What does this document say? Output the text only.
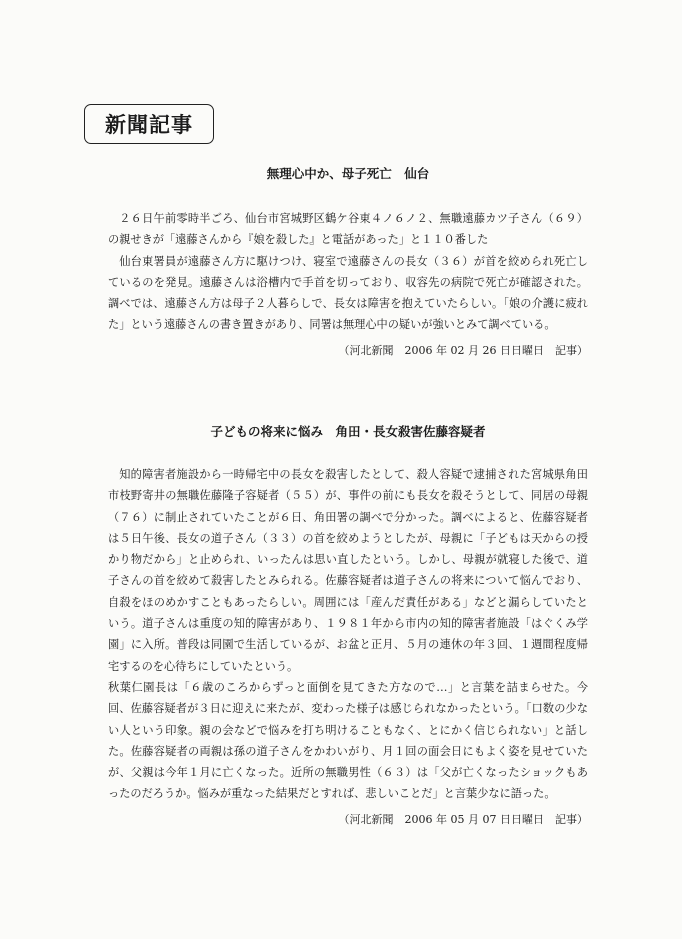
新聞記事
無理心中か、母子死亡　仙台

２６日午前零時半ごろ、仙台市宮城野区鶴ケ谷東４ノ６ノ２、無職遠藤カツ子さん（６９）の親せきが「遠藤さんから『娘を殺した』と電話があった」と１１０番した

仙台東署員が遠藤さん方に駆けつけ、寝室で遠藤さんの長女（３６）が首を絞められ死亡しているのを発見。遠藤さんは浴槽内で手首を切っており、収容先の病院で死亡が確認された。調べでは、遠藤さん方は母子２人暮らしで、長女は障害を抱えていたらしい。「娘の介護に疲れた」という遠藤さんの書き置きがあり、同署は無理心中の疑いが強いとみて調べている。

（河北新聞　2006 年 02 月 26 日日曜日　記事）
子どもの将来に悩み　角田・長女殺害佐藤容疑者

知的障害者施設から一時帰宅中の長女を殺害したとして、殺人容疑で逮捕された宮城県角田市枝野寄井の無職佐藤隆子容疑者（５５）が、事件の前にも長女を殺そうとして、同居の母親（７６）に制止されていたことが６日、角田署の調べで分かった。調べによると、佐藤容疑者は５日午後、長女の道子さん（３３）の首を絞めようとしたが、母親に「子どもは天からの授かり物だから」と止められ、いったんは思い直したという。しかし、母親が就寝した後で、道子さんの首を絞めて殺害したとみられる。佐藤容疑者は道子さんの将来について悩んでおり、自殺をほのめかすこともあったらしい。周囲には「産んだ責任がある」などと漏らしていたという。道子さんは重度の知的障害があり、１９８１年から市内の知的障害者施設「はぐくみ学園」に入所。普段は同園で生活しているが、お盆と正月、５月の連休の年３回、１週間程度帰宅するのを心待ちにしていたという。

秋葉仁園長は「６歳のころからずっと面倒を見てきた方なので…」と言葉を詰まらせた。今回、佐藤容疑者が３日に迎えに来たが、変わった様子は感じられなかったという。「口数の少ない人という印象。親の会などで悩みを打ち明けることもなく、とにかく信じられない」と話した。佐藤容疑者の両親は孫の道子さんをかわいがり、月１回の面会日にもよく姿を見せていたが、父親は今年１月に亡くなった。近所の無職男性（６３）は「父が亡くなったショックもあったのだろうか。悩みが重なった結果だとすれば、悲しいことだ」と言葉少なに語った。

（河北新聞　2006 年 05 月 07 日日曜日　記事）
